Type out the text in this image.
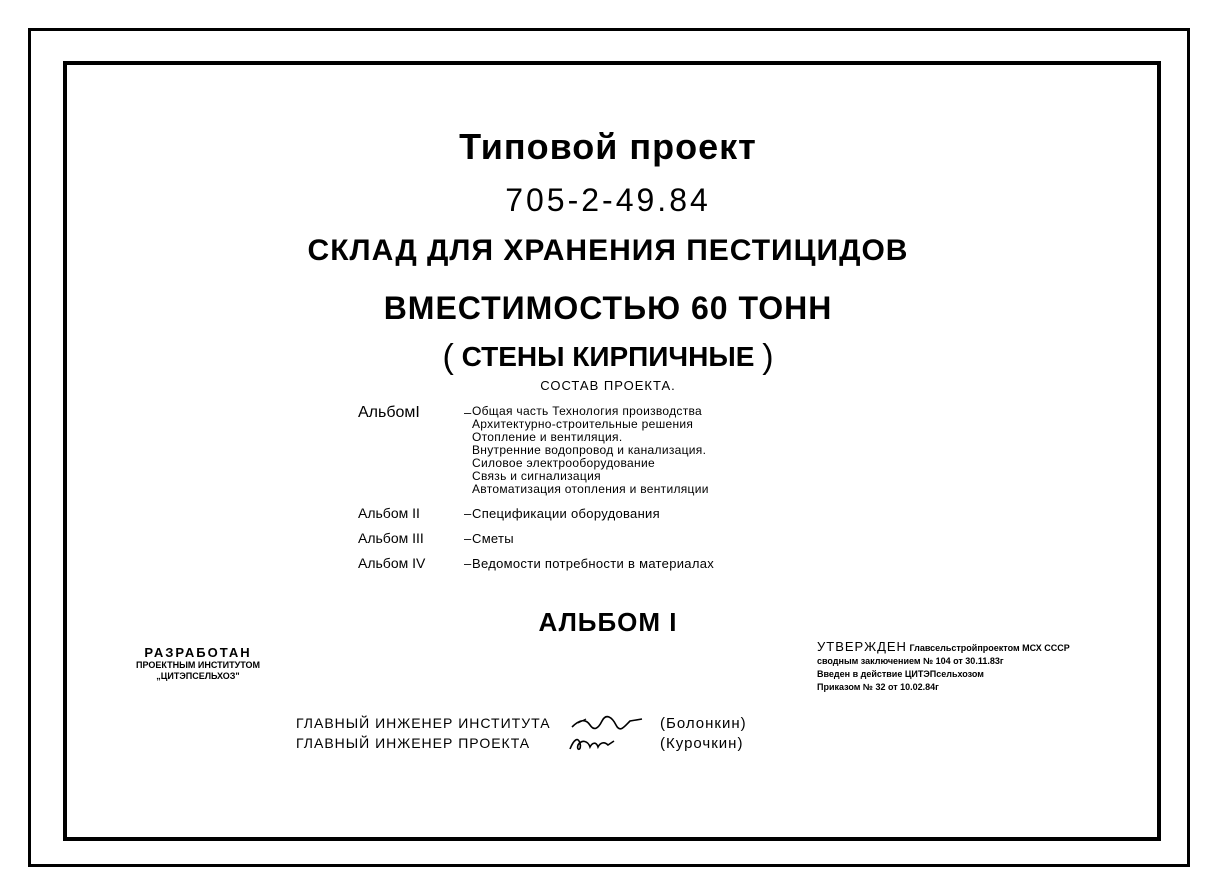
Типовой проект
705-2-49.84
СКЛАД ДЛЯ ХРАНЕНИЯ ПЕСТИЦИДОВ
ВМЕСТИМОСТЬЮ 60 ТОНН
( СТЕНЫ КИРПИЧНЫЕ )
СОСТАВ ПРОЕКТА.
АльбомI	– Общая часть Технология производства
Архитектурно-строительные решения
Отопление и вентиляция.
Внутренние водопровод и канализация.
Силовое электрооборудование
Связь и сигнализация
Автоматизация отопления и вентиляции
Альбом II	– Спецификации оборудования
Альбом III	– Сметы
Альбом IV	– Ведомости потребности в материалах
АЛЬБОМ I
РАЗРАБОТАН
ПРОЕКТНЫМ ИНСТИТУТОМ
„ЦИТЭПСЕЛЬХОЗ"
УТВЕРЖДЕН Главсельстройпроектом МСХ СССР
сводным заключением № 104 от 30.11.83г
Введен в действие ЦИТЭПсельхозом
Приказом № 32 от 10.02.84г
ГЛАВНЫЙ ИНЖЕНЕР ИНСТИТУТА	(Болонкин)
ГЛАВНЫЙ ИНЖЕНЕР ПРОЕКТА	(Курочкин)
